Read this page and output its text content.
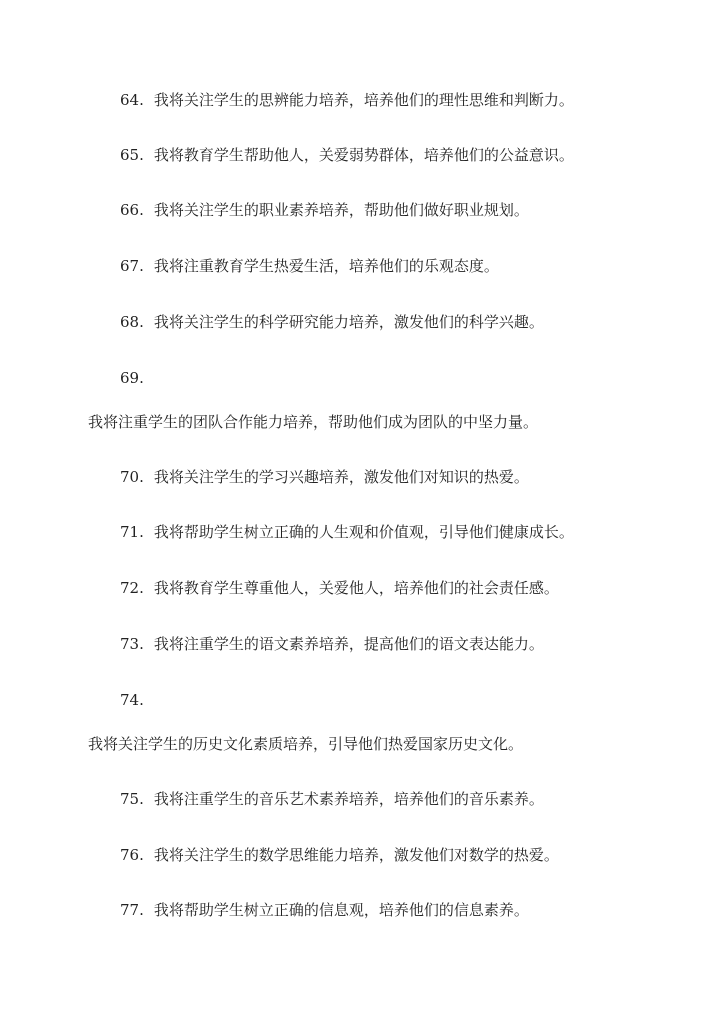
64. 我将关注学生的思辨能力培养，培养他们的理性思维和判断力。
65. 我将教育学生帮助他人，关爱弱势群体，培养他们的公益意识。
66. 我将关注学生的职业素养培养，帮助他们做好职业规划。
67. 我将注重教育学生热爱生活，培养他们的乐观态度。
68. 我将关注学生的科学研究能力培养，激发他们的科学兴趣。
69.
我将注重学生的团队合作能力培养，帮助他们成为团队的中坚力量。
70. 我将关注学生的学习兴趣培养，激发他们对知识的热爱。
71. 我将帮助学生树立正确的人生观和价值观，引导他们健康成长。
72. 我将教育学生尊重他人，关爱他人，培养他们的社会责任感。
73. 我将注重学生的语文素养培养，提高他们的语文表达能力。
74.
我将关注学生的历史文化素质培养，引导他们热爱国家历史文化。
75. 我将注重学生的音乐艺术素养培养，培养他们的音乐素养。
76. 我将关注学生的数学思维能力培养，激发他们对数学的热爱。
77. 我将帮助学生树立正确的信息观，培养他们的信息素养。
